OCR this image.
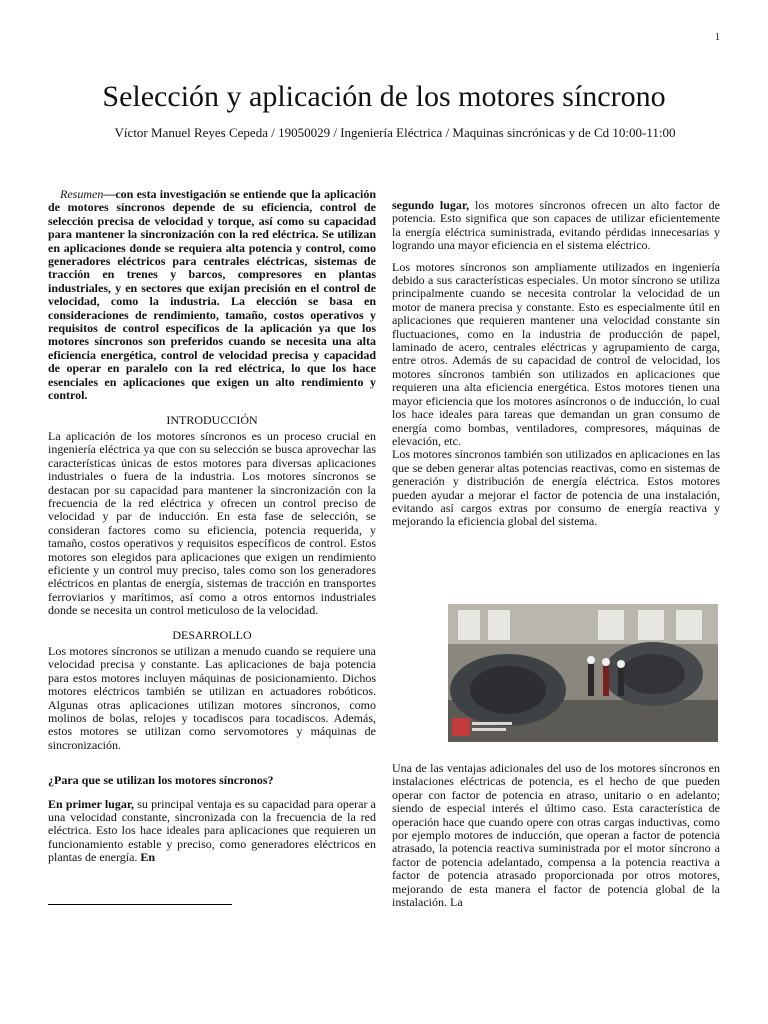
1
Selección y aplicación de los motores síncrono
Víctor Manuel Reyes Cepeda / 19050029 / Ingeniería Eléctrica / Maquinas sincrónicas y de Cd 10:00-11:00

Resumen—con esta investigación se entiende que la aplicación de motores síncronos depende de su eficiencia, control de selección precisa de velocidad y torque, así como su capacidad para mantener la sincronización con la red eléctrica. Se utilizan en aplicaciones donde se requiera alta potencia y control, como generadores eléctricos para centrales eléctricas, sistemas de tracción en trenes y barcos, compresores en plantas industriales, y en sectores que exijan precisión en el control de velocidad, como la industria. La elección se basa en consideraciones de rendimiento, tamaño, costos operativos y requisitos de control específicos de la aplicación ya que los motores síncronos son preferidos cuando se necesita una alta eficiencia energética, control de velocidad precisa y capacidad de operar en paralelo con la red eléctrica, lo que los hace esenciales en aplicaciones que exigen un alto rendimiento y control.

INTRODUCCIÓN

La aplicación de los motores síncronos es un proceso crucial en ingeniería eléctrica ya que con su selección se busca aprovechar las características únicas de estos motores para diversas aplicaciones industriales o fuera de la industria. Los motores síncronos se destacan por su capacidad para mantener la sincronización con la frecuencia de la red eléctrica y ofrecen un control preciso de velocidad y par de inducción. En esta fase de selección, se consideran factores como su eficiencia, potencia requerida, y tamaño, costos operativos y requisitos específicos de control. Estos motores son elegidos para aplicaciones que exigen un rendimiento eficiente y un control muy preciso, tales como son los generadores eléctricos en plantas de energía, sistemas de tracción en transportes ferroviarios y marítimos, así como a otros entornos industriales donde se necesita un control meticuloso de la velocidad.

DESARROLLO

Los motores síncronos se utilizan a menudo cuando se requiere una velocidad precisa y constante. Las aplicaciones de baja potencia para estos motores incluyen máquinas de posicionamiento. Dichos motores eléctricos también se utilizan en actuadores robóticos. Algunas otras aplicaciones utilizan motores síncronos, como molinos de bolas, relojes y tocadiscos para tocadiscos. Además, estos motores se utilizan como servomotores y máquinas de sincronización.

¿Para que se utilizan los motores síncronos?

En primer lugar, su principal ventaja es su capacidad para operar a una velocidad constante, sincronizada con la frecuencia de la red eléctrica. Esto los hace ideales para aplicaciones que requieren un funcionamiento estable y preciso, como generadores eléctricos en plantas de energía. En

segundo lugar, los motores síncronos ofrecen un alto factor de potencia. Esto significa que son capaces de utilizar eficientemente la energía eléctrica suministrada, evitando pérdidas innecesarias y logrando una mayor eficiencia en el sistema eléctrico.

Los motores síncronos son ampliamente utilizados en ingeniería debido a sus características especiales. Un motor síncrono se utiliza principalmente cuando se necesita controlar la velocidad de un motor de manera precisa y constante. Esto es especialmente útil en aplicaciones que requieren mantener una velocidad constante sin fluctuaciones, como en la industria de producción de papel, laminado de acero, centrales eléctricas y agrupamiento de carga, entre otros. Además de su capacidad de control de velocidad, los motores síncronos también son utilizados en aplicaciones que requieren una alta eficiencia energética. Estos motores tienen una mayor eficiencia que los motores asíncronos o de inducción, lo cual los hace ideales para tareas que demandan un gran consumo de energía como bombas, ventiladores, compresores, máquinas de elevación, etc.

Los motores síncronos también son utilizados en aplicaciones en las que se deben generar altas potencias reactivas, como en sistemas de generación y distribución de energía eléctrica. Estos motores pueden ayudar a mejorar el factor de potencia de una instalación, evitando así cargos extras por consumo de energía reactiva y mejorando la eficiencia global del sistema.

Una de las ventajas adicionales del uso de los motores síncronos en instalaciones eléctricas de potencia, es el hecho de que pueden operar con factor de potencia en atraso, unitario o en adelanto; siendo de especial interés el último caso. Esta característica de operación hace que cuando opere con otras cargas inductivas, como por ejemplo motores de inducción, que operan a factor de potencia atrasado, la potencia reactiva suministrada por el motor síncrono a factor de potencia adelantado, compensa a la potencia reactiva a factor de potencia atrasado proporcionada por otros motores, mejorando de esta manera el factor de potencia global de la instalación. La
